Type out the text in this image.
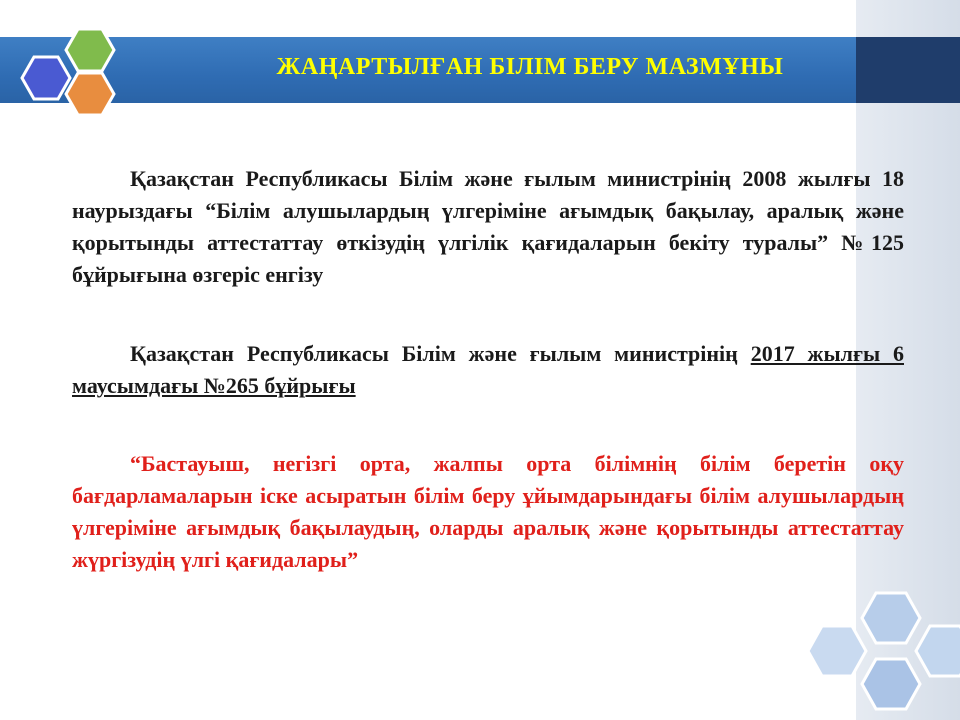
ЖАҢАРТЫЛҒАН БІЛІМ БЕРУ МАЗМҰНЫ
Қазақстан Республикасы Білім және ғылым министрінің 2008 жылғы 18 наурыздағы “Білім алушылардың үлгеріміне ағымдық бақылау, аралық және қорытынды аттестаттау өткізудің үлгілік қағидаларын бекіту туралы” №125 бұйрығына өзгеріс енгізу
Қазақстан Республикасы Білім және ғылым министрінің 2017 жылғы 6 маусымдағы №265 бұйрығы
“Бастауыш, негізгі орта, жалпы орта білімнің білім беретін оқу бағдарламаларын іске асыратын білім беру ұйымдарындағы білім алушылардың үлгеріміне ағымдық бақылаудың, оларды аралық және қорытынды аттестаттау жүргізудің үлгі қағидалары”
